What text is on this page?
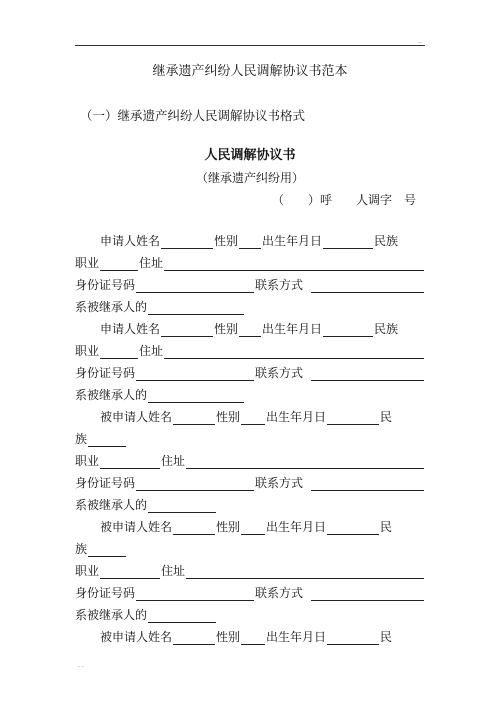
..
继承遗产纠纷人民调解协议书范本
（一）继承遗产纠纷人民调解协议书格式
人民调解协议书
（继承遗产纠纷用）
（　　）呼　　人调字　号
申请人姓名	性别 出生年月日	民族
职业	住址
身份证号码	联系方式
系被继承人的
申请人姓名	性别 出生年月日	民族
职业	住址
身份证号码	联系方式
系被继承人的
被申请人姓名	性别 出生年月日	民
族
职业	住址
身份证号码	联系方式
系被继承人的
被申请人姓名	性别 出生年月日	民
族
职业	住址
身份证号码	联系方式
系被继承人的
被申请人姓名	性别 出生年月日	民
. .
